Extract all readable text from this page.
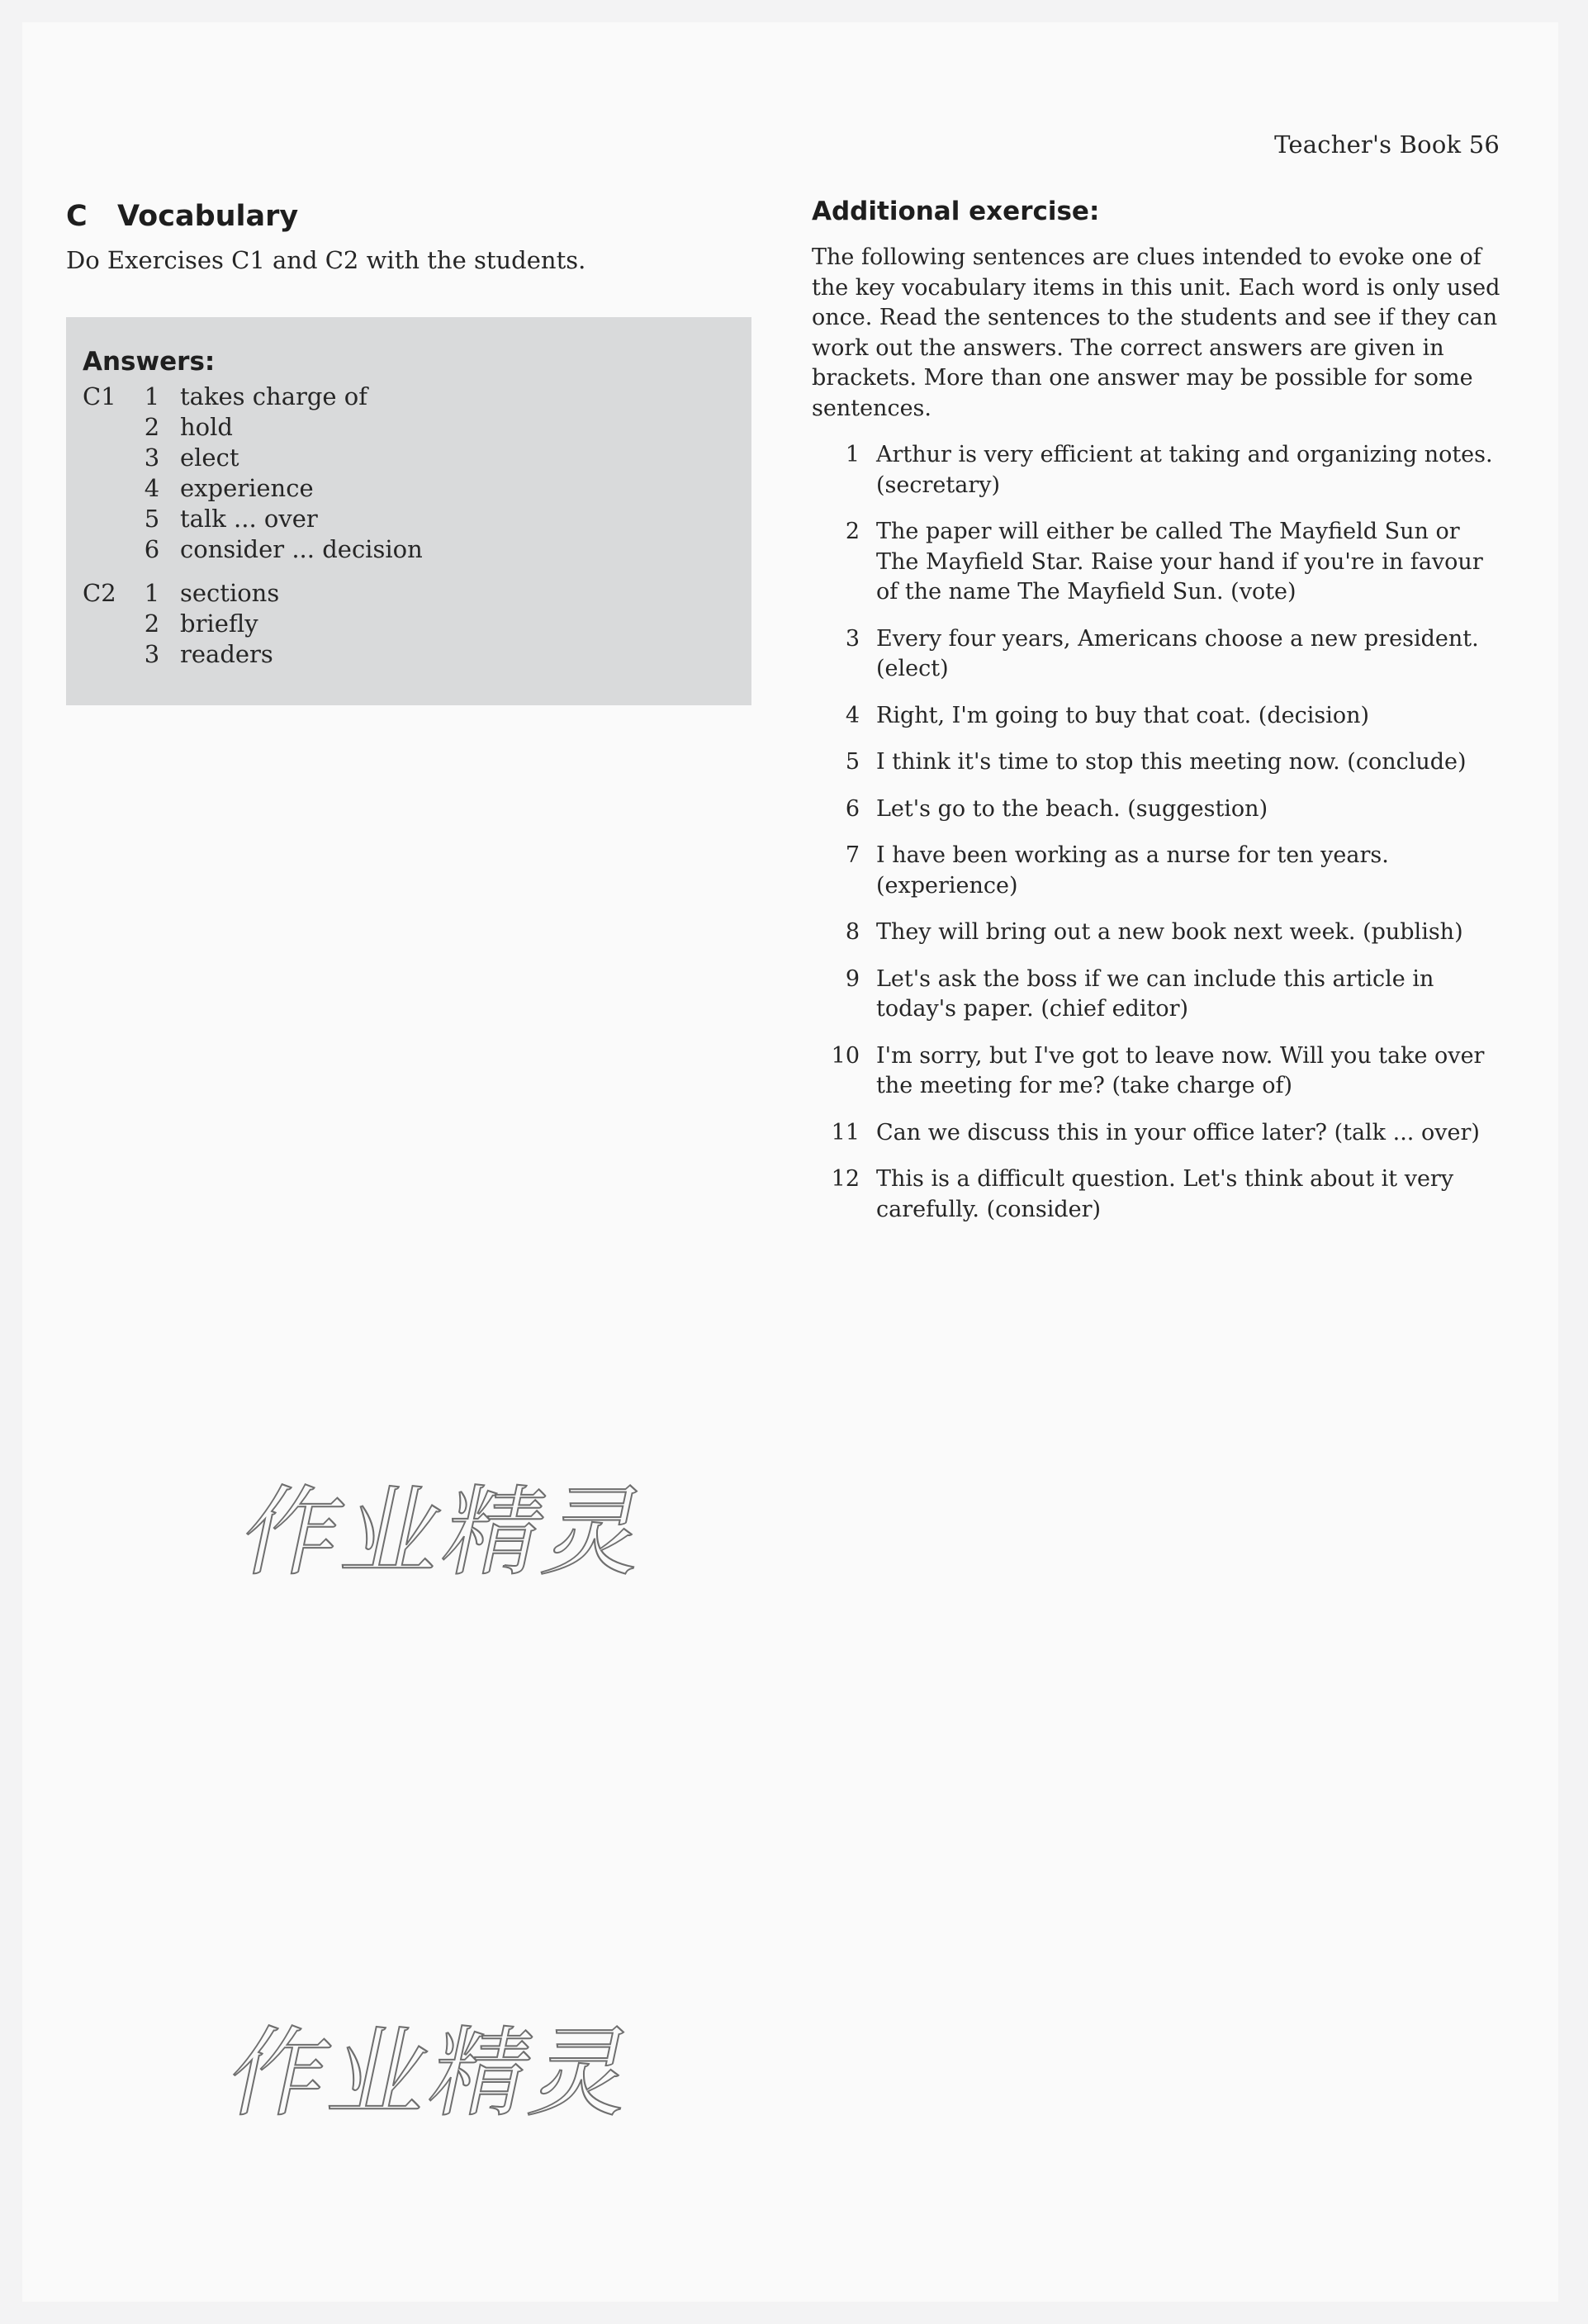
Teacher's Book 56
C	Vocabulary

Do Exercises C1 and C2 with the students.

Answers:
C1	1 takes charge of
2 hold
3 elect
4 experience
5 talk ... over
6 consider ... decision
C2	1 sections
2 briefly
3 readers
Additional exercise:

The following sentences are clues intended to evoke one of the key vocabulary items in this unit. Each word is only used once. Read the sentences to the students and see if they can work out the answers. The correct answers are given in brackets. More than one answer may be possible for some sentences.

1 Arthur is very efficient at taking and organizing notes. (secretary)
2 The paper will either be called The Mayfield Sun or The Mayfield Star. Raise your hand if you're in favour of the name The Mayfield Sun. (vote)
3 Every four years, Americans choose a new president. (elect)
4 Right, I'm going to buy that coat. (decision)
5 I think it's time to stop this meeting now. (conclude)
6 Let's go to the beach. (suggestion)
7 I have been working as a nurse for ten years. (experience)
8 They will bring out a new book next week. (publish)
9 Let's ask the boss if we can include this article in today's paper. (chief editor)
10 I'm sorry, but I've got to leave now. Will you take over the meeting for me? (take charge of)
11 Can we discuss this in your office later? (talk ... over)
12 This is a difficult question. Let's think about it very carefully. (consider)
作业精灵
作业精灵
